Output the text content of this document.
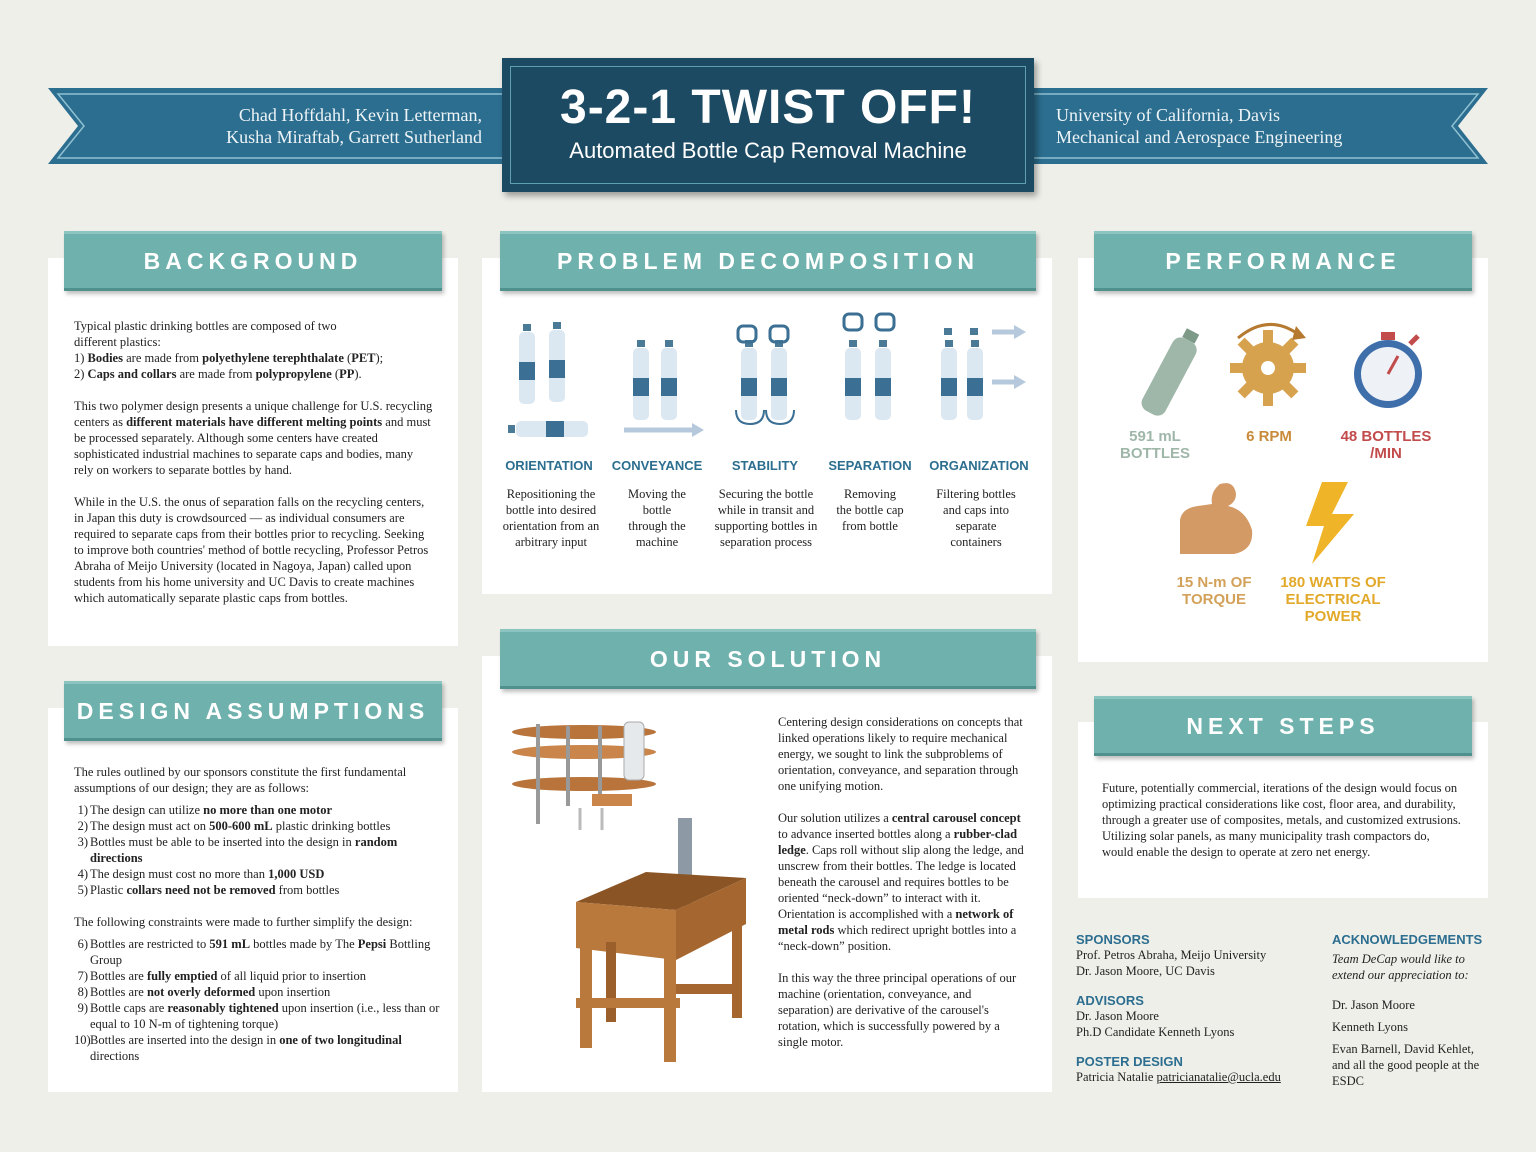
Chad Hoffdahl, Kevin Letterman,
Kusha Miraftab, Garrett Sutherland
University of California, Davis
Mechanical and Aerospace Engineering
3-2-1 TWIST OFF!
Automated Bottle Cap Removal Machine
BACKGROUND

Typical plastic drinking bottles are composed of two
different plastics:
1) Bodies are made from polyethylene terephthalate (PET);
2) Caps and collars are made from polypropylene (PP).

This two polymer design presents a unique challenge for U.S. recycling centers as different materials have different melting points and must be processed separately. Although some centers have created sophisticated industrial machines to separate caps and bodies, many rely on workers to separate bottles by hand.

While in the U.S. the onus of separation falls on the recycling centers, in Japan this duty is crowdsourced — as individual consumers are required to separate caps from their bottles prior to recycling. Seeking to improve both countries' method of bottle recycling, Professor Petros Abraha of Meijo University (located in Nagoya, Japan) called upon students from his home university and UC Davis to create machines which automatically separate plastic caps from bottles.

DESIGN ASSUMPTIONS

The rules outlined by our sponsors constitute the first fundamental assumptions of our design; they are as follows:

1) The design can utilize no more than one motor
2) The design must act on 500-600 mL plastic drinking bottles
3) Bottles must be able to be inserted into the design in random directions
4) The design must cost no more than 1,000 USD
5) Plastic collars need not be removed from bottles

The following constraints were made to further simplify the design:

6) Bottles are restricted to 591 mL bottles made by The Pepsi Bottling Group
7) Bottles are fully emptied of all liquid prior to insertion
8) Bottles are not overly deformed upon insertion
9) Bottle caps are reasonably tightened upon insertion (i.e., less than or equal to 10 N-m of tightening torque)
10) Bottles are inserted into the design in one of two longitudinal directions
PROBLEM DECOMPOSITION
ORIENTATION	CONVEYANCE	STABILITY	SEPARATION	ORGANIZATION
Repositioning the bottle into desired orientation from an arbitrary input
Moving the bottle through the machine
Securing the bottle while in transit and supporting bottles in separation process
Removing the bottle cap from bottle
Filtering bottles and caps into separate containers
OUR SOLUTION

Centering design considerations on concepts that linked operations likely to require mechanical energy, we sought to link the subproblems of orientation, conveyance, and separation through one unifying motion.

Our solution utilizes a central carousel concept to advance inserted bottles along a rubber-clad ledge. Caps roll without slip along the ledge, and unscrew from their bottles. The ledge is located beneath the carousel and requires bottles to be oriented “neck-down” to interact with it. Orientation is accomplished with a network of metal rods which redirect upright bottles into a “neck-down” position.

In this way the three principal operations of our machine (orientation, conveyance, and separation) are derivative of the carousel's rotation, which is successfully powered by a single motor.

PERFORMANCE
591 mL BOTTLES
6 RPM	48 BOTTLES /MIN
15 N-m OF TORQUE
180 WATTS OF ELECTRICAL POWER
NEXT STEPS
Future, potentially commercial, iterations of the design would focus on optimizing practical considerations like cost, floor area, and durability, through a greater use of composites, metals, and customized extrusions. Utilizing solar panels, as many municipality trash compactors do, would enable the design to operate at zero net energy.
SPONSORS
Prof. Petros Abraha, Meijo University
Dr. Jason Moore, UC Davis
ADVISORS
Dr. Jason Moore
Ph.D Candidate Kenneth Lyons
POSTER DESIGN
Patricia Natalie patricianatalie@ucla.edu
ACKNOWLEDGEMENTS
Team DeCap would like to extend our appreciation to:
Dr. Jason Moore
Kenneth Lyons
Evan Barnell, David Kehlet, and all the good people at the ESDC
